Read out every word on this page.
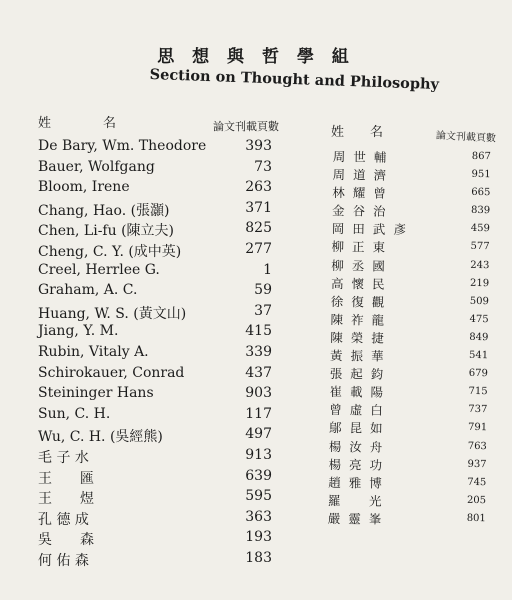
思 想 與 哲 學 組
Section on Thought and Philosophy
姓　　　　名	論文刊載頁數	姓　　名	論文刊載頁數
De Bary, Wm. Theodore	393
Bauer, Wolfgang	73
Bloom, Irene	263
Chang, Hao. (張灝)	371
Chen, Li-fu (陳立夫)	825
Cheng, C. Y. (成中英)	277
Creel, Herrlee G.	1
Graham, A. C.	59
Huang, W. S. (黃文山)	37
Jiang, Y. M.	415
Rubin, Vitaly A.	339
Schirokauer, Conrad	437
Steininger Hans	903
Sun, C. H.	117
Wu, C. H. (吳經熊)	497
毛 子 水	913
王　　匯	639
王　　煜	595
孔 德 成	363
吳　　森	193
何 佑 森	183
周世輔	867
周道濟	951
林耀曾	665
金谷治	839
岡田武彥	459
柳正東	577
柳丞國	243
高懷民	219
徐復觀	509
陳祚龍	475
陳榮捷	849
黃振華	541
張起鈞	679
崔載陽	715
曾虛白	737
鄔昆如	791
楊汝舟	763
楊亮功	937
趙雅博	745
羅　光	205
嚴靈峯	801
